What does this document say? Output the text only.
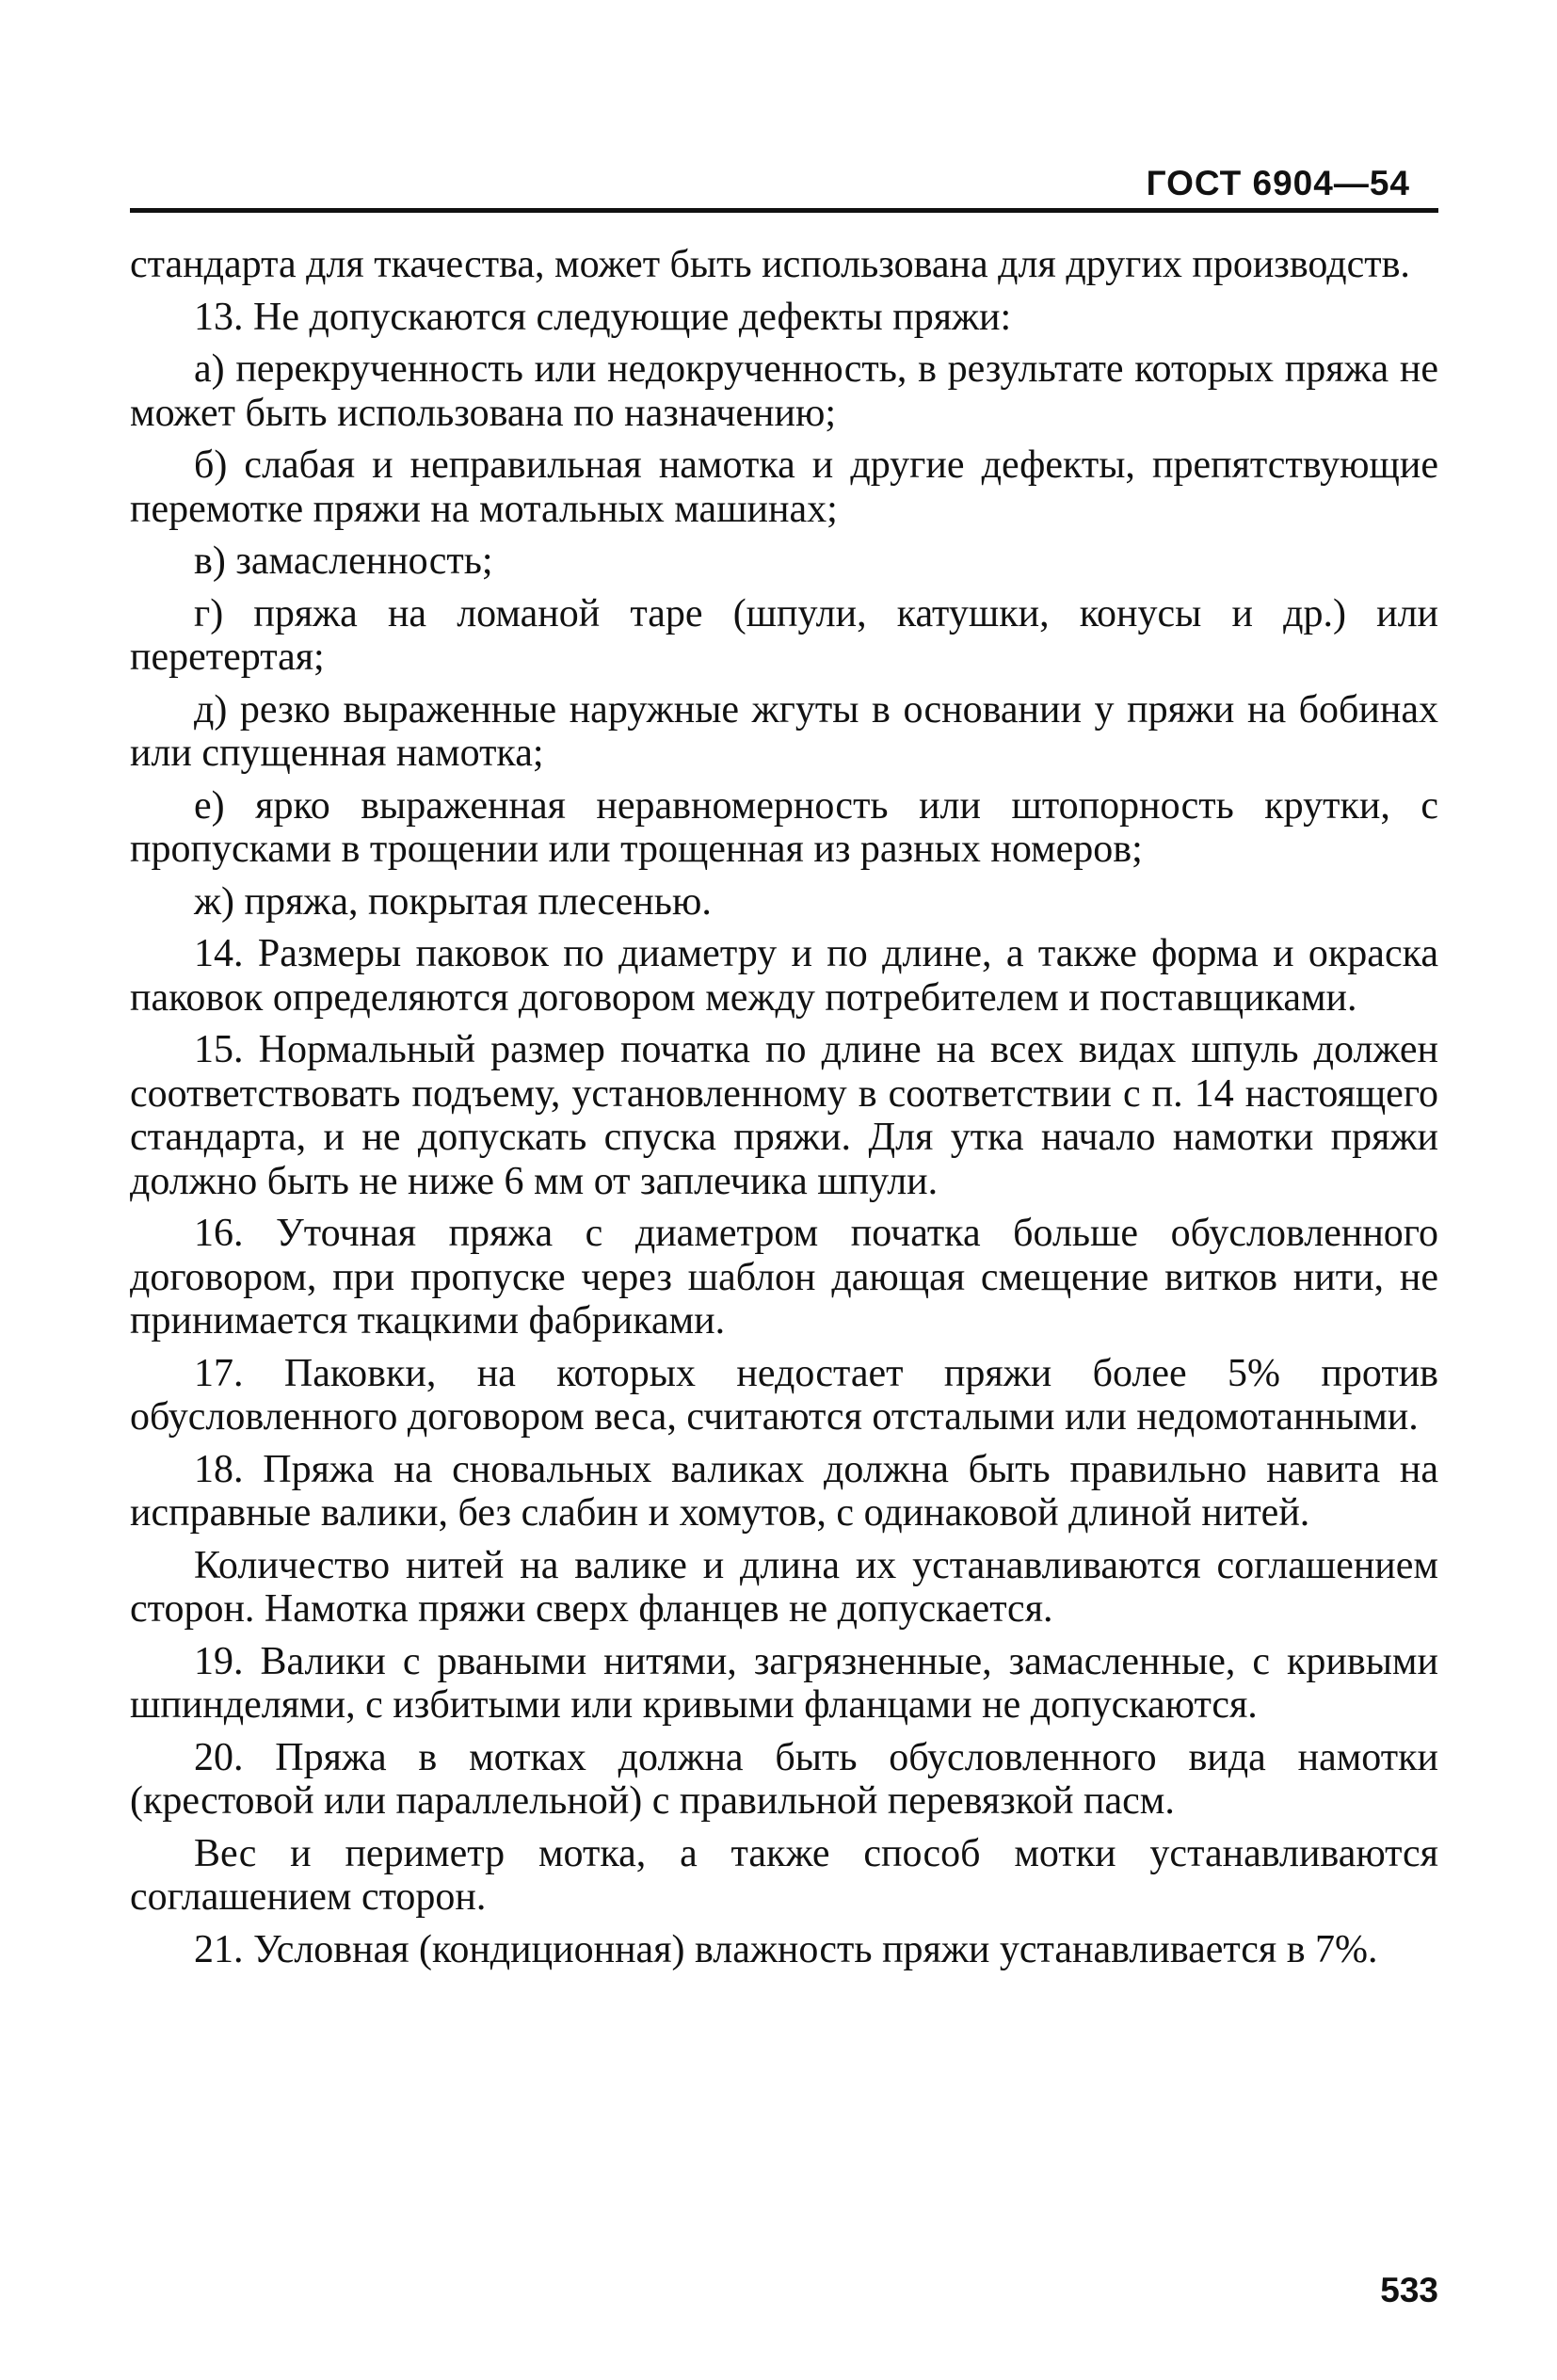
ГОСТ 6904—54

стандарта для ткачества, может быть использована для других производств.

13. Не допускаются следующие дефекты пряжи:

а) перекрученность или недокрученность, в результате которых пряжа не может быть использована по назначению;

б) слабая и неправильная намотка и другие дефекты, препятствующие перемотке пряжи на мотальных машинах;

в) замасленность;

г) пряжа на ломаной таре (шпули, катушки, конусы и др.) или перетертая;

д) резко выраженные наружные жгуты в основании у пряжи на бобинах или спущенная намотка;

е) ярко выраженная неравномерность или штопорность крутки, с пропусками в трощении или трощенная из разных номеров;

ж) пряжа, покрытая плесенью.

14. Размеры паковок по диаметру и по длине, а также форма и окраска паковок определяются договором между потребителем и поставщиками.

15. Нормальный размер початка по длине на всех видах шпуль должен соответствовать подъему, установленному в соответствии с п. 14 настоящего стандарта, и не допускать спуска пряжи. Для утка начало намотки пряжи должно быть не ниже 6 мм от заплечика шпули.

16. Уточная пряжа с диаметром початка больше обусловленного договором, при пропуске через шаблон дающая смещение витков нити, не принимается ткацкими фабриками.

17. Паковки, на которых недостает пряжи более 5% против обусловленного договором веса, считаются отсталыми или недомотанными.

18. Пряжа на сновальных валиках должна быть правильно навита на исправные валики, без слабин и хомутов, с одинаковой длиной нитей.

Количество нитей на валике и длина их устанавливаются соглашением сторон. Намотка пряжи сверх фланцев не допускается.

19. Валики с рваными нитями, загрязненные, замасленные, с кривыми шпинделями, с избитыми или кривыми фланцами не допускаются.

20. Пряжа в мотках должна быть обусловленного вида намотки (крестовой или параллельной) с правильной перевязкой пасм.

Вес и периметр мотка, а также способ мотки устанавливаются соглашением сторон.

21. Условная (кондиционная) влажность пряжи устанавливается в 7%.

533
